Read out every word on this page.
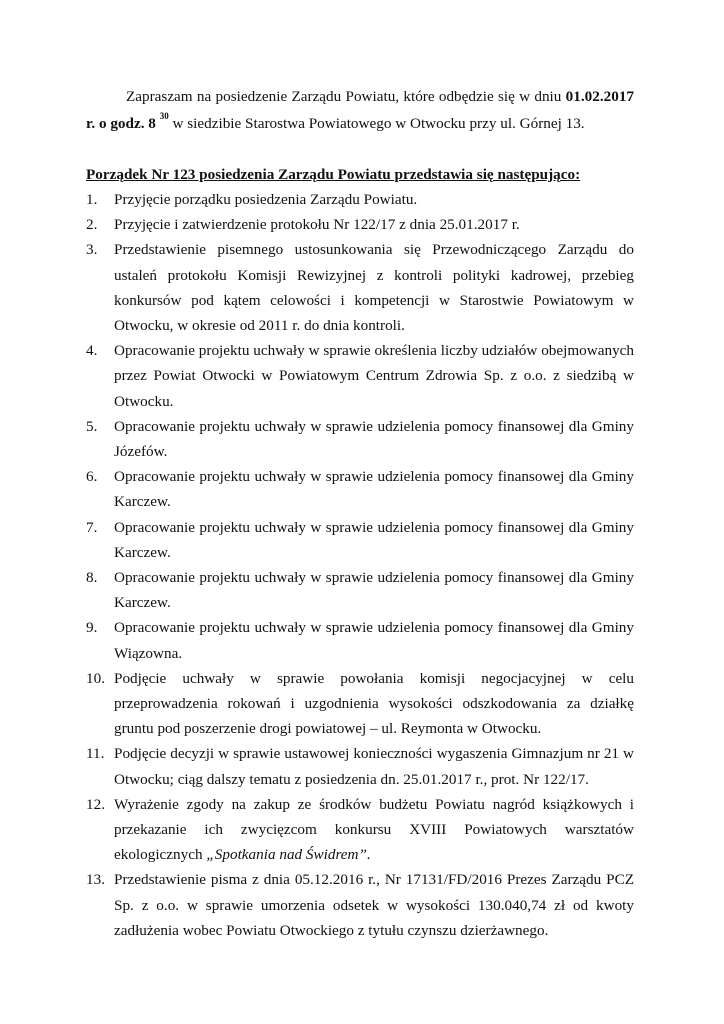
Zapraszam na posiedzenie Zarządu Powiatu, które odbędzie się w dniu 01.02.2017 r. o godz. 8 $^{30}$ w siedzibie Starostwa Powiatowego w Otwocku przy ul. Górnej 13.

Porządek Nr 123 posiedzenia Zarządu Powiatu przedstawia się następująco:

1. Przyjęcie porządku posiedzenia Zarządu Powiatu.
2. Przyjęcie i zatwierdzenie protokołu Nr 122/17 z dnia 25.01.2017 r.
3. Przedstawienie pisemnego ustosunkowania się Przewodniczącego Zarządu do ustaleń protokołu Komisji Rewizyjnej z kontroli polityki kadrowej, przebieg konkursów pod kątem celowości i kompetencji w Starostwie Powiatowym w Otwocku, w okresie od 2011 r. do dnia kontroli.
4. Opracowanie projektu uchwały w sprawie określenia liczby udziałów obejmowanych przez Powiat Otwocki w Powiatowym Centrum Zdrowia Sp. z o.o. z siedzibą w Otwocku.
5. Opracowanie projektu uchwały w sprawie udzielenia pomocy finansowej dla Gminy Józefów.
6. Opracowanie projektu uchwały w sprawie udzielenia pomocy finansowej dla Gminy Karczew.
7. Opracowanie projektu uchwały w sprawie udzielenia pomocy finansowej dla Gminy Karczew.
8. Opracowanie projektu uchwały w sprawie udzielenia pomocy finansowej dla Gminy Karczew.
9. Opracowanie projektu uchwały w sprawie udzielenia pomocy finansowej dla Gminy Wiązowna.
10. Podjęcie uchwały w sprawie powołania komisji negocjacyjnej w celu przeprowadzenia rokowań i uzgodnienia wysokości odszkodowania za działkę gruntu pod poszerzenie drogi powiatowej – ul. Reymonta w Otwocku.
11. Podjęcie decyzji w sprawie ustawowej konieczności wygaszenia Gimnazjum nr 21 w Otwocku; ciąg dalszy tematu z posiedzenia dn. 25.01.2017 r., prot. Nr 122/17.
12. Wyrażenie zgody na zakup ze środków budżetu Powiatu nagród książkowych i przekazanie ich zwycięzcom konkursu XVIII Powiatowych warsztatów ekologicznych „Spotkania nad Świdrem”.
13. Przedstawienie pisma z dnia 05.12.2016 r., Nr 17131/FD/2016 Prezes Zarządu PCZ Sp. z o.o. w sprawie umorzenia odsetek w wysokości 130.040,74 zł od kwoty zadłużenia wobec Powiatu Otwockiego z tytułu czynszu dzierżawnego.
